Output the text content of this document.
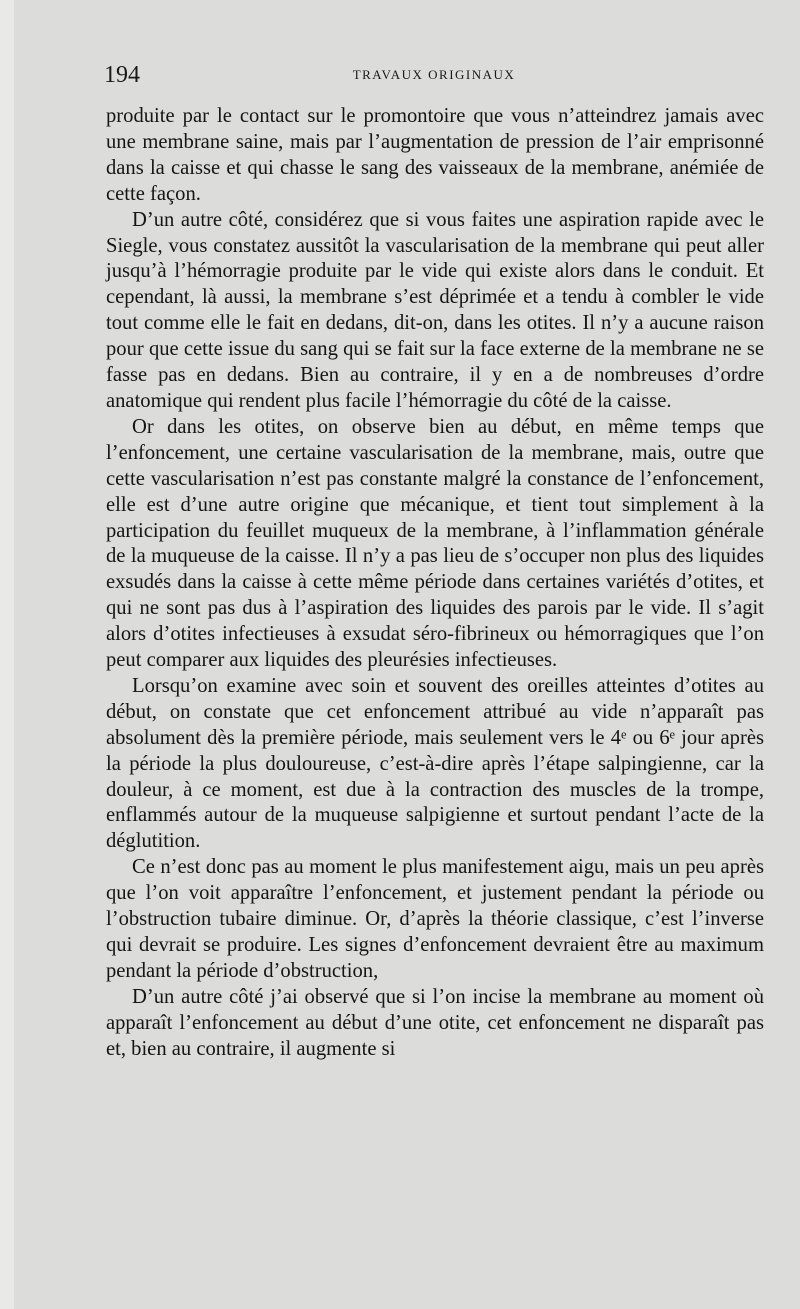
194	TRAVAUX ORIGINAUX

produite par le contact sur le promontoire que vous n’atteindrez jamais avec une membrane saine, mais par l’augmentation de pression de l’air emprisonné dans la caisse et qui chasse le sang des vaisseaux de la membrane, anémiée de cette façon.

D’un autre côté, considérez que si vous faites une aspiration rapide avec le Siegle, vous constatez aussitôt la vascularisation de la membrane qui peut aller jusqu’à l’hémorragie produite par le vide qui existe alors dans le conduit. Et cependant, là aussi, la membrane s’est déprimée et a tendu à combler le vide tout comme elle le fait en dedans, dit-on, dans les otites. Il n’y a aucune raison pour que cette issue du sang qui se fait sur la face externe de la membrane ne se fasse pas en dedans. Bien au contraire, il y en a de nombreuses d’ordre anatomique qui rendent plus facile l’hémorragie du côté de la caisse.

Or dans les otites, on observe bien au début, en même temps que l’enfoncement, une certaine vascularisation de la membrane, mais, outre que cette vascularisation n’est pas constante malgré la constance de l’enfoncement, elle est d’une autre origine que mécanique, et tient tout simplement à la participation du feuillet muqueux de la membrane, à l’inflammation générale de la muqueuse de la caisse. Il n’y a pas lieu de s’occuper non plus des liquides exsudés dans la caisse à cette même période dans certaines variétés d’otites, et qui ne sont pas dus à l’aspiration des liquides des parois par le vide. Il s’agit alors d’otites infectieuses à exsudat séro-fibrineux ou hémorragiques que l’on peut comparer aux liquides des pleurésies infectieuses.

Lorsqu’on examine avec soin et souvent des oreilles atteintes d’otites au début, on constate que cet enfoncement attribué au vide n’apparaît pas absolument dès la première période, mais seulement vers le 4ᵉ ou 6ᵉ jour après la période la plus douloureuse, c’est-à-dire après l’étape salpingienne, car la douleur, à ce moment, est due à la contraction des muscles de la trompe, enflammés autour de la muqueuse salpigienne et surtout pendant l’acte de la déglutition.

Ce n’est donc pas au moment le plus manifestement aigu, mais un peu après que l’on voit apparaître l’enfoncement, et justement pendant la période ou l’obstruction tubaire diminue. Or, d’après la théorie classique, c’est l’inverse qui devrait se produire. Les signes d’enfoncement devraient être au maximum pendant la période d’obstruction,

D’un autre côté j’ai observé que si l’on incise la membrane au moment où apparaît l’enfoncement au début d’une otite, cet enfoncement ne disparaît pas et, bien au contraire, il augmente si
